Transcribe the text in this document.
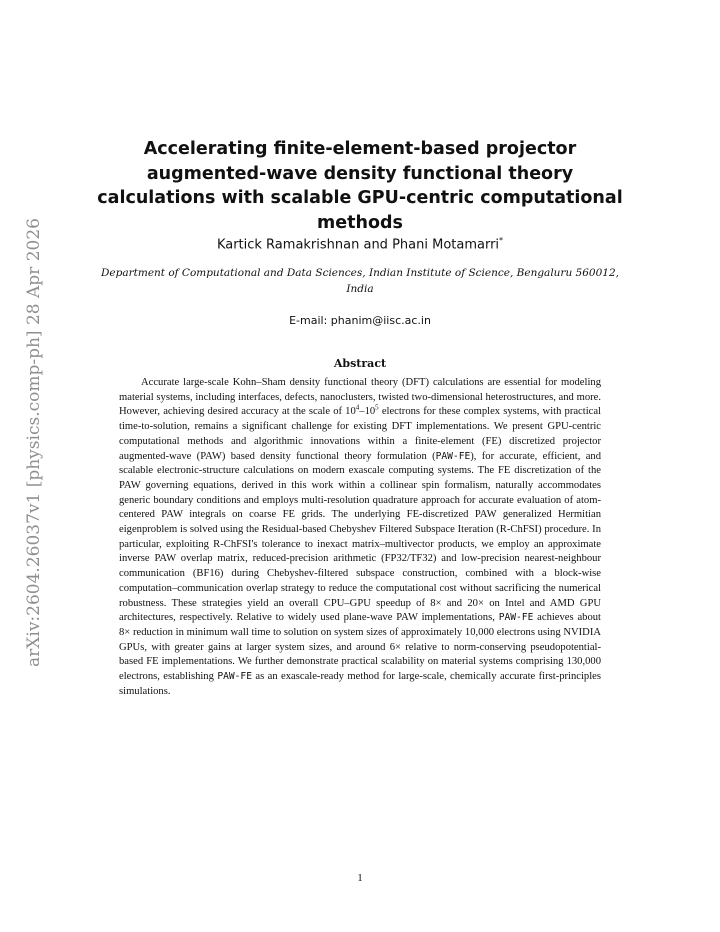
arXiv:2604.26037v1 [physics.comp-ph] 28 Apr 2026
Accelerating finite-element-based projector augmented-wave density functional theory calculations with scalable GPU-centric computational methods
Kartick Ramakrishnan and Phani Motamarri*
Department of Computational and Data Sciences, Indian Institute of Science, Bengaluru 560012, India
E-mail: phanim@iisc.ac.in
Abstract

Accurate large-scale Kohn–Sham density functional theory (DFT) calculations are essential for modeling material systems, including interfaces, defects, nanoclusters, twisted two-dimensional heterostructures, and more. However, achieving desired accuracy at the scale of $10^4-10^5$ electrons for these complex systems, with practical time-to-solution, remains a significant challenge for existing DFT implementations. We present GPU-centric computational methods and algorithmic innovations within a finite-element (FE) discretized projector augmented-wave (PAW) based density functional theory formulation (PAW-FE), for accurate, efficient, and scalable electronic-structure calculations on modern exascale computing systems. The FE discretization of the PAW governing equations, derived in this work within a collinear spin formalism, naturally accommodates generic boundary conditions and employs multi-resolution quadrature approach for accurate evaluation of atom-centered PAW integrals on coarse FE grids. The underlying FE-discretized PAW generalized Hermitian eigenproblem is solved using the Residual-based Chebyshev Filtered Subspace Iteration (R-ChFSI) procedure. In particular, exploiting R-ChFSI's tolerance to inexact matrix–multivector products, we employ an approximate inverse PAW overlap matrix, reduced-precision arithmetic (FP32/TF32) and low-precision nearest-neighbour communication (BF16) during Chebyshev-filtered subspace construction, combined with a block-wise computation–communication overlap strategy to reduce the computational cost without sacrificing the numerical robustness. These strategies yield an overall CPU–GPU speedup of 8× and 20× on Intel and AMD GPU architectures, respectively. Relative to widely used plane-wave PAW implementations, PAW-FE achieves about 8× reduction in minimum wall time to solution on system sizes of approximately 10,000 electrons using NVIDIA GPUs, with greater gains at larger system sizes, and around 6× relative to norm-conserving pseudopotential-based FE implementations. We further demonstrate practical scalability on material systems comprising 130,000 electrons, establishing PAW-FE as an exascale-ready method for large-scale, chemically accurate first-principles simulations.

1
